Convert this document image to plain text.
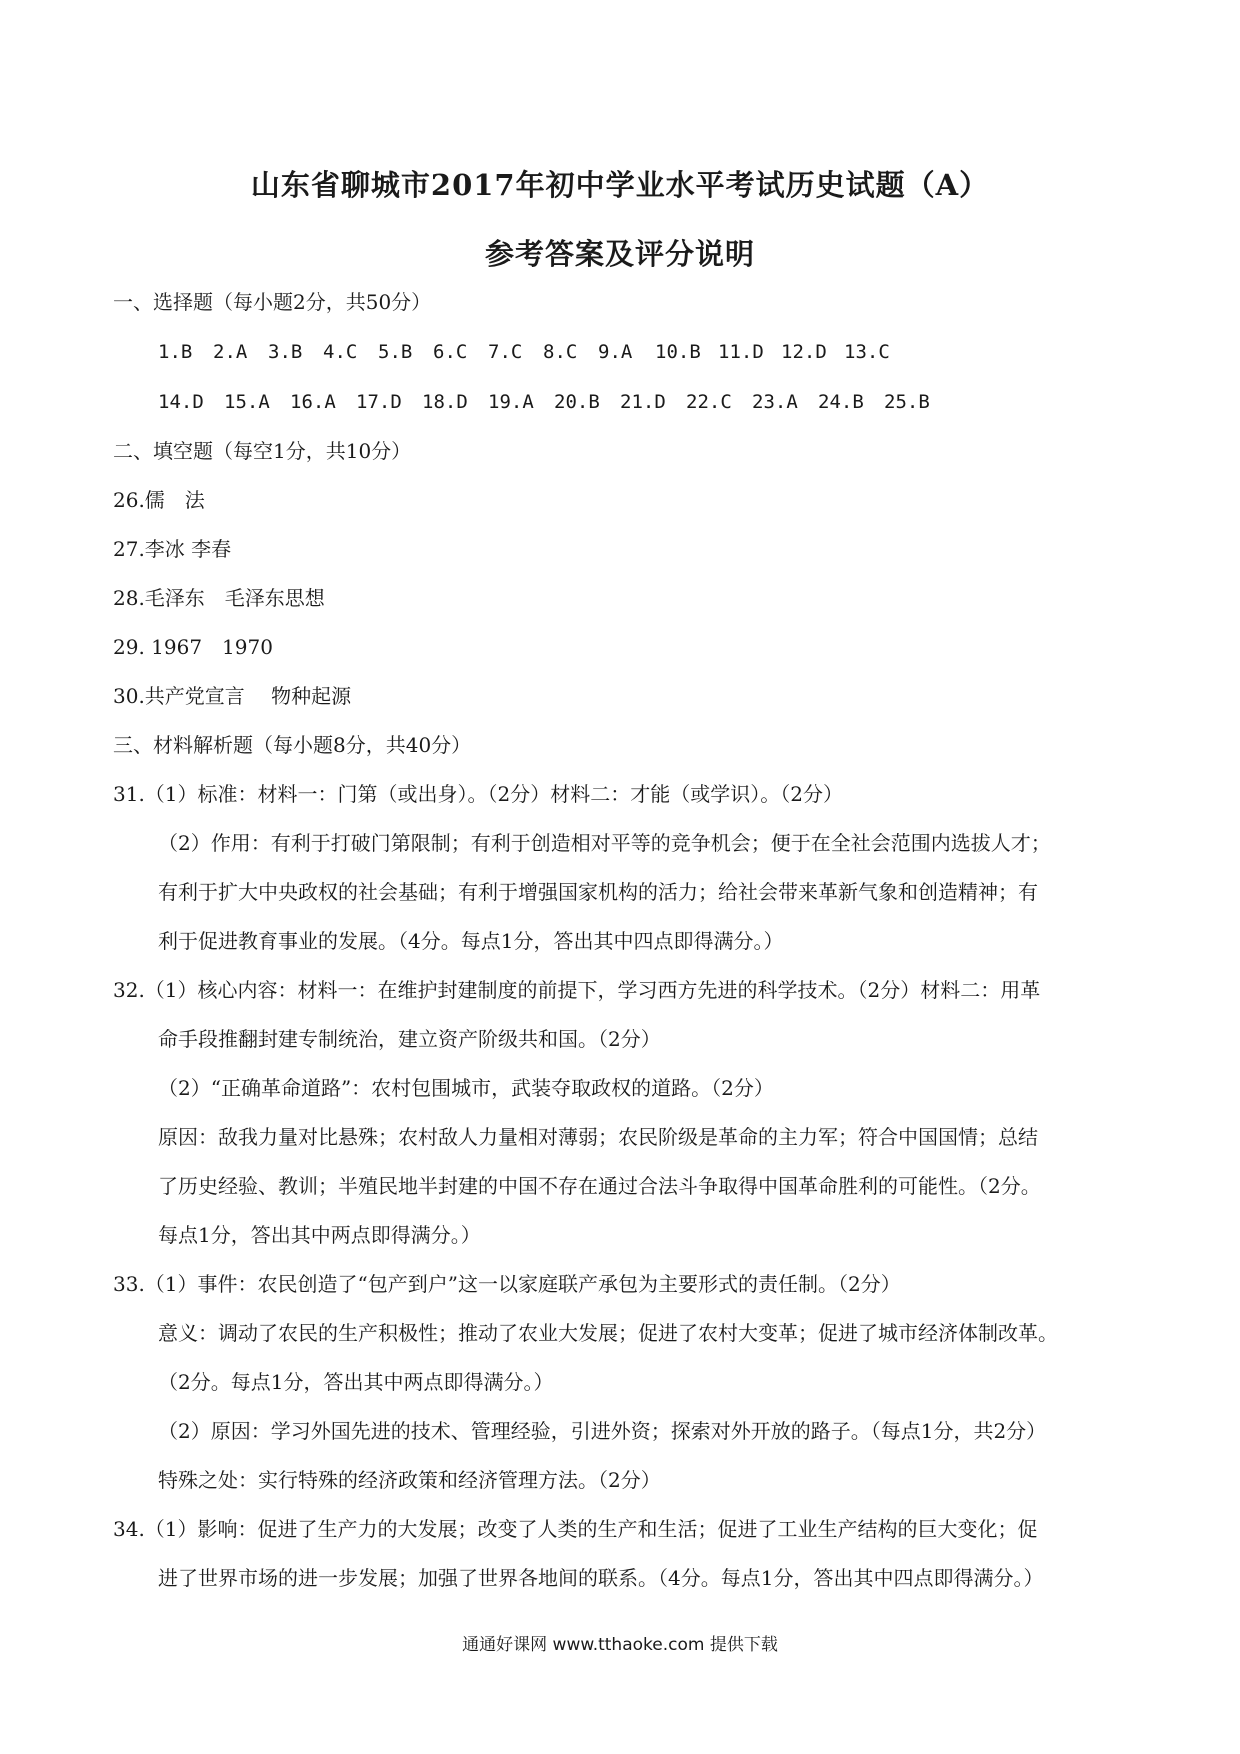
山东省聊城市2017年初中学业水平考试历史试题（A）
参考答案及评分说明
一、选择题（每小题2分，共50分）
1.B 2.A 3.B 4.C 5.B 6.C 7.C 8.C 9.A 10.B 11.D 12.D 13.C
14.D 15.A 16.A 17.D 18.D 19.A 20.B 21.D 22.C 23.A 24.B 25.B
二、填空题（每空1分，共10分）
26.儒　法
27.李冰 李春
28.毛泽东　毛泽东思想
29. 1967　1970
30.共产党宣言　 物种起源
三、材料解析题（每小题8分，共40分）
31.（1）标准：材料一：门第（或出身）。（2分）材料二：才能（或学识）。（2分）
（2）作用：有利于打破门第限制；有利于创造相对平等的竞争机会；便于在全社会范围内选拔人才；
有利于扩大中央政权的社会基础；有利于增强国家机构的活力；给社会带来革新气象和创造精神；有
利于促进教育事业的发展。（4分。每点1分，答出其中四点即得满分。）
32.（1）核心内容：材料一：在维护封建制度的前提下，学习西方先进的科学技术。（2分）材料二：用革
命手段推翻封建专制统治，建立资产阶级共和国。（2分）
（2）“正确革命道路”：农村包围城市，武装夺取政权的道路。（2分）
原因：敌我力量对比悬殊；农村敌人力量相对薄弱；农民阶级是革命的主力军；符合中国国情；总结
了历史经验、教训；半殖民地半封建的中国不存在通过合法斗争取得中国革命胜利的可能性。（2分。
每点1分，答出其中两点即得满分。）
33.（1）事件：农民创造了“包产到户”这一以家庭联产承包为主要形式的责任制。（2分）
意义：调动了农民的生产积极性；推动了农业大发展；促进了农村大变革；促进了城市经济体制改革。
（2分。每点1分，答出其中两点即得满分。）
（2）原因：学习外国先进的技术、管理经验，引进外资；探索对外开放的路子。（每点1分，共2分）
特殊之处：实行特殊的经济政策和经济管理方法。（2分）
34.（1）影响：促进了生产力的大发展；改变了人类的生产和生活；促进了工业生产结构的巨大变化；促
进了世界市场的进一步发展；加强了世界各地间的联系。（4分。每点1分，答出其中四点即得满分。）
通通好课网 www.tthaoke.com 提供下载
